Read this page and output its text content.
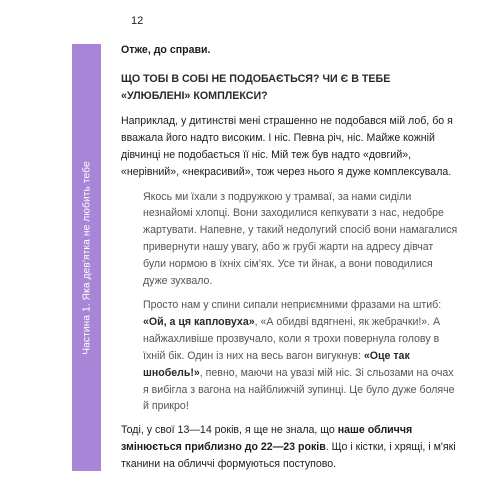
12
Частина 1. Яка дев'ятка не любить тебе

Отже, до справи.

ЩО ТОБІ В СОБІ НЕ ПОДОБАЄТЬСЯ? ЧИ Є В ТЕБЕ «УЛЮБЛЕНІ» КОМПЛЕКСИ?

Наприклад, у дитинстві мені страшенно не подобався мій лоб, бо я вважала його надто високим. І ніс. Певна річ, ніс. Майже кожній дівчинці не подобається її ніс. Мій теж був надто «довгий», «нерівний», «некрасивий», тож через нього я дуже комплексувала.

Якось ми їхали з подружкою у трамваї, за нами сиділи незнайомі хлопці. Вони заходилися кепкувати з нас, недобре жартувати. Напевне, у такий недолугий спосіб вони намагалися привернути нашу увагу, або ж грубі жарти на адресу дівчат були нормою в їхніх сім'ях. Усе ти йнак, а вони поводилися дуже зухвало.

Просто нам у спини сипали неприємними фразами на штиб: «Ой, а ця капловуха», «А обидві вдягнені, як жебрачки!». А найжахливіше прозвучало, коли я трохи повернула голову в їхній бік. Один із них на весь вагон вигукнув: «Оце так шнобель!», певно, маючи на увазі мій ніс. Зі сльозами на очах я вибігла з вагона на найближчій зупинці. Це було дуже боляче й прикро!

Тоді, у свої 13—14 років, я ще не знала, що наше обличчя змінюється приблизно до 22—23 років. Що і кістки, і хрящі, і м'які тканини на обличчі формуються поступово.
